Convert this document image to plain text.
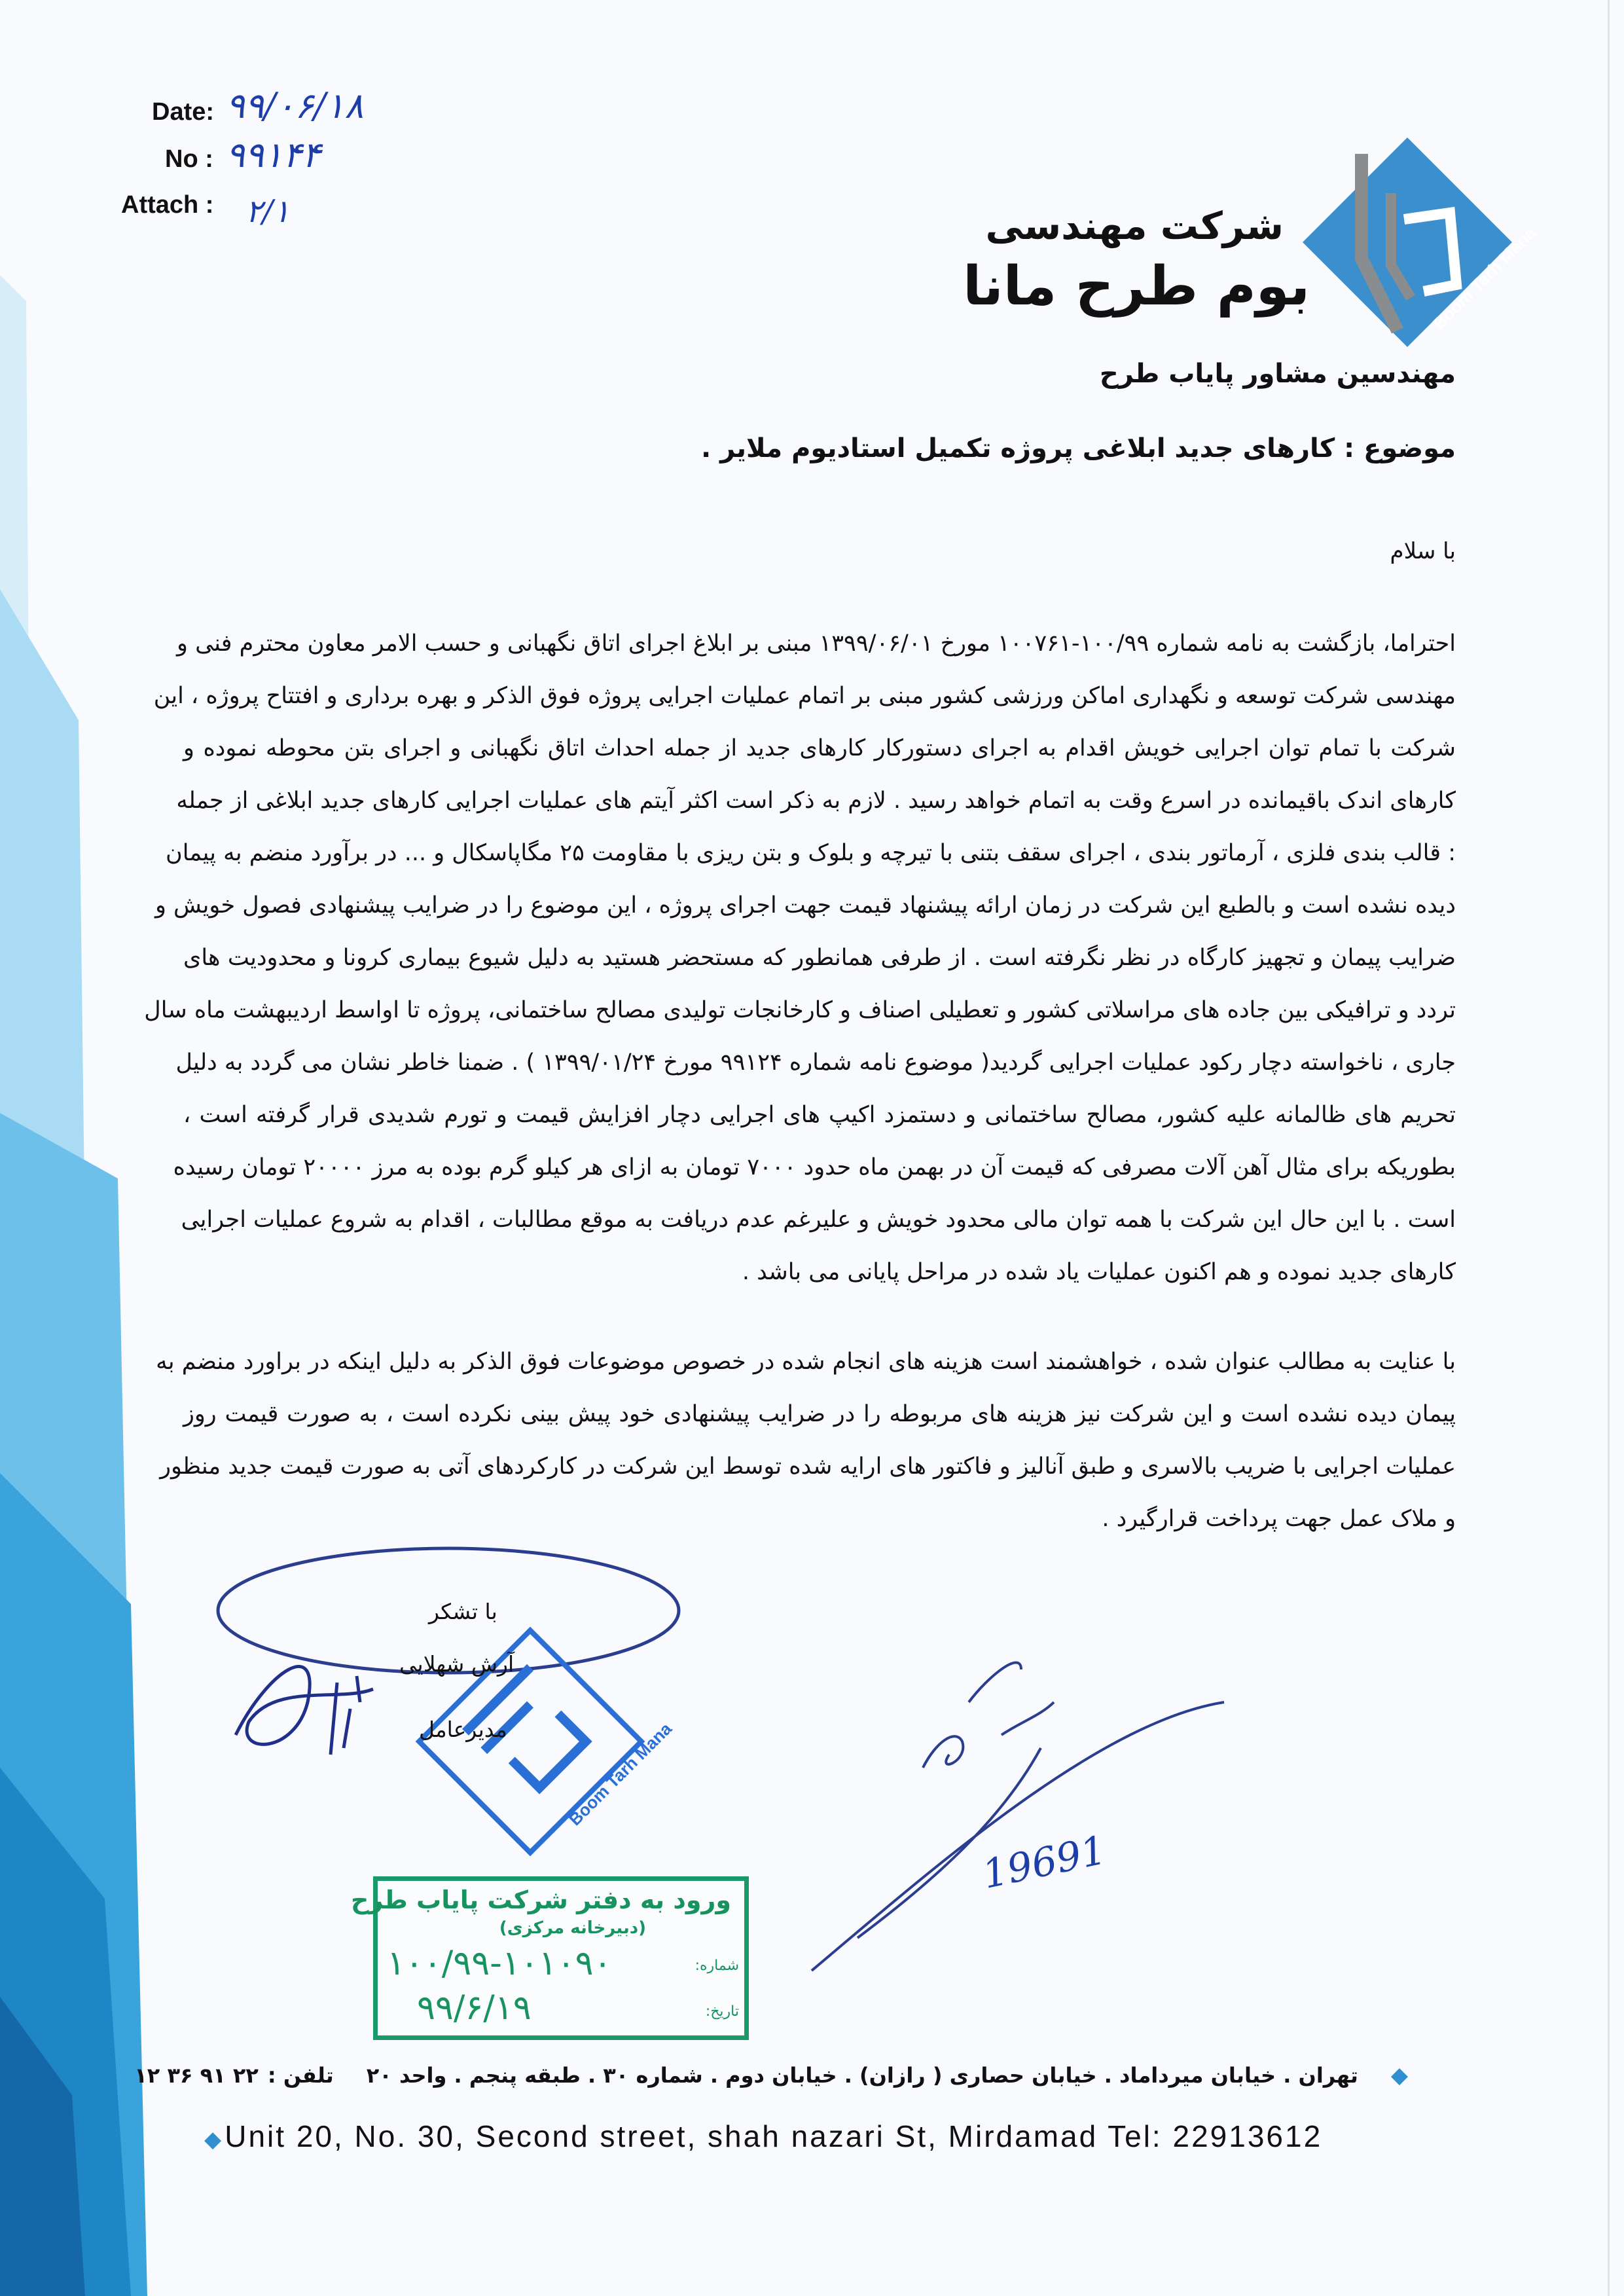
Date: ۹۹/۰۶/۱۸
No : ۹۹۱۴۴
Attach : ۲/۱
Boom Tarh Mana
شرکت مهندسی
بوم طرح مانا
مهندسین مشاور پایاب طرح
موضوع : کارهای جدید ابلاغی پروژه تکمیل استادیوم ملایر .
با سلام
احتراما، بازگشت به نامه شماره ۱۰۰/۹۹-۱۰۰۷۶۱ مورخ ۱۳۹۹/۰۶/۰۱ مبنی بر ابلاغ اجرای اتاق نگهبانی و حسب الامر معاون محترم فنی و
مهندسی شرکت توسعه و نگهداری اماکن ورزشی کشور مبنی بر اتمام عملیات اجرایی پروژه فوق الذکر و بهره برداری و افتتاح پروژه ، این
شرکت با تمام توان اجرایی خویش اقدام به اجرای دستورکار کارهای جدید از جمله احداث اتاق نگهبانی و اجرای بتن محوطه نموده و
کارهای اندک باقیمانده در اسرع وقت به اتمام خواهد رسید . لازم به ذکر است اکثر آیتم های عملیات اجرایی کارهای جدید ابلاغی از جمله
: قالب بندی فلزی ، آرماتور بندی ، اجرای سقف بتنی با تیرچه و بلوک و بتن ریزی با مقاومت ۲۵ مگاپاسکال و ... در برآورد منضم به پیمان
دیده نشده است و بالطبع این شرکت در زمان ارائه پیشنهاد قیمت جهت اجرای پروژه ، این موضوع را در ضرایب پیشنهادی فصول خویش و
ضرایب پیمان و تجهیز کارگاه در نظر نگرفته است . از طرفی همانطور که مستحضر هستید به دلیل شیوع بیماری کرونا و محدودیت های
تردد و ترافیکی بین جاده های مراسلاتی کشور و تعطیلی اصناف و کارخانجات تولیدی مصالح ساختمانی، پروژه تا اواسط اردیبهشت ماه سال
جاری ، ناخواسته دچار رکود عملیات اجرایی گردید( موضوع نامه شماره ۹۹۱۲۴ مورخ ۱۳۹۹/۰۱/۲۴ ) . ضمنا خاطر نشان می گردد به دلیل
تحریم های ظالمانه علیه کشور، مصالح ساختمانی و دستمزد اکیپ های اجرایی دچار افزایش قیمت و تورم شدیدی قرار گرفته است ،
بطوریکه برای مثال آهن آلات مصرفی که قیمت آن در بهمن ماه حدود ۷۰۰۰ تومان به ازای هر کیلو گرم بوده به مرز ۲۰۰۰۰ تومان رسیده
است . با این حال این شرکت با همه توان مالی محدود خویش و علیرغم عدم دریافت به موقع مطالبات ، اقدام به شروع عملیات اجرایی
کارهای جدید نموده و هم اکنون عملیات یاد شده در مراحل پایانی می باشد .
با عنایت به مطالب عنوان شده ، خواهشمند است هزینه های انجام شده در خصوص موضوعات فوق الذکر به دلیل اینکه در براورد منضم به
پیمان دیده نشده است و این شرکت نیز هزینه های مربوطه را در ضرایب پیشنهادی خود پیش بینی نکرده است ، به صورت قیمت روز
عملیات اجرایی با ضریب بالاسری و طبق آنالیز و فاکتور های ارایه شده توسط این شرکت در کارکردهای آتی به صورت قیمت جدید منظور
و ملاک عمل جهت پرداخت قرارگیرد .
Boom Tarh Mana
با تشکر
آرش شهلایی
مدیرعامل
19691
ورود به دفتر شرکت پایاب طرح
(دبیرخانه مرکزی)
شماره:
۱۰۰/۹۹-۱۰۱۰۹۰
تاریخ:
۹۹/۶/۱۹
◆
تهران . خیابان میرداماد . خیابان حصاری ( رازان) . خیابان دوم . شماره ۳۰ . طبقه پنجم . واحد ۲۰
تلفن :
۲۲ ۹۱ ۳۶ ۱۲
◆ Unit 20, No. 30, Second street, shah nazari St, Mirdamad Tel: 22913612
